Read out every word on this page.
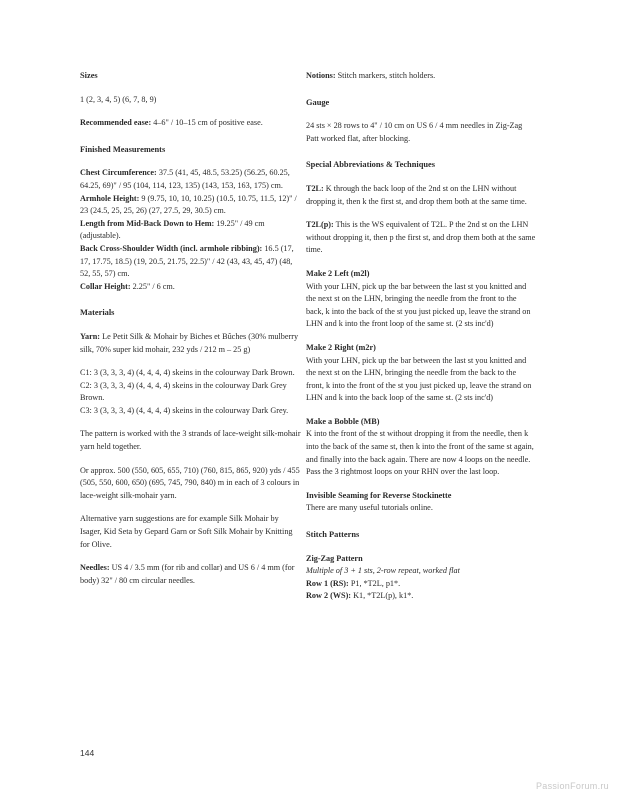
Sizes

1 (2, 3, 4, 5) (6, 7, 8, 9)

Recommended ease: 4–6" / 10–15 cm of positive ease.

Finished Measurements

Chest Circumference: 37.5 (41, 45, 48.5, 53.25) (56.25, 60.25, 64.25, 69)" / 95 (104, 114, 123, 135) (143, 153, 163, 175) cm.

Armhole Height: 9 (9.75, 10, 10, 10.25) (10.5, 10.75, 11.5, 12)" / 23 (24.5, 25, 25, 26) (27, 27.5, 29, 30.5) cm.

Length from Mid-Back Down to Hem: 19.25" / 49 cm (adjustable).

Back Cross-Shoulder Width (incl. armhole ribbing): 16.5 (17, 17, 17.75, 18.5) (19, 20.5, 21.75, 22.5)" / 42 (43, 43, 45, 47) (48, 52, 55, 57) cm.

Collar Height: 2.25" / 6 cm.

Materials

Yarn: Le Petit Silk & Mohair by Biches et Bûches (30% mulberry silk, 70% super kid mohair, 232 yds / 212 m – 25 g)

C1: 3 (3, 3, 3, 4) (4, 4, 4, 4) skeins in the colourway Dark Brown.

C2: 3 (3, 3, 3, 4) (4, 4, 4, 4) skeins in the colourway Dark Grey Brown.

C3: 3 (3, 3, 3, 4) (4, 4, 4, 4) skeins in the colourway Dark Grey.

The pattern is worked with the 3 strands of lace-weight silk-mohair yarn held together.

Or approx. 500 (550, 605, 655, 710) (760, 815, 865, 920) yds / 455 (505, 550, 600, 650) (695, 745, 790, 840) m in each of 3 colours in lace-weight silk-mohair yarn.

Alternative yarn suggestions are for example Silk Mohair by Isager, Kid Seta by Gepard Garn or Soft Silk Mohair by Knitting for Olive.

Needles: US 4 / 3.5 mm (for rib and collar) and US 6 / 4 mm (for body) 32" / 80 cm circular needles.

Notions: Stitch markers, stitch holders.

Gauge

24 sts × 28 rows to 4" / 10 cm on US 6 / 4 mm needles in Zig-Zag Patt worked flat, after blocking.

Special Abbreviations & Techniques

T2L: K through the back loop of the 2nd st on the LHN without dropping it, then k the first st, and drop them both at the same time.

T2L(p): This is the WS equivalent of T2L. P the 2nd st on the LHN without dropping it, then p the first st, and drop them both at the same time.

Make 2 Left (m2l)

With your LHN, pick up the bar between the last st you knitted and the next st on the LHN, bringing the needle from the front to the back, k into the back of the st you just picked up, leave the strand on LHN and k into the front loop of the same st. (2 sts inc'd)

Make 2 Right (m2r)

With your LHN, pick up the bar between the last st you knitted and the next st on the LHN, bringing the needle from the back to the front, k into the front of the st you just picked up, leave the strand on LHN and k into the back loop of the same st. (2 sts inc'd)

Make a Bobble (MB)

K into the front of the st without dropping it from the needle, then k into the back of the same st, then k into the front of the same st again, and finally into the back again. There are now 4 loops on the needle. Pass the 3 rightmost loops on your RHN over the last loop.

Invisible Seaming for Reverse Stockinette

There are many useful tutorials online.

Stitch Patterns

Zig-Zag Pattern

Multiple of 3 + 1 sts, 2-row repeat, worked flat

Row 1 (RS): P1, *T2L, p1*.

Row 2 (WS): K1, *T2L(p), k1*.

144
PassionForum.ru
